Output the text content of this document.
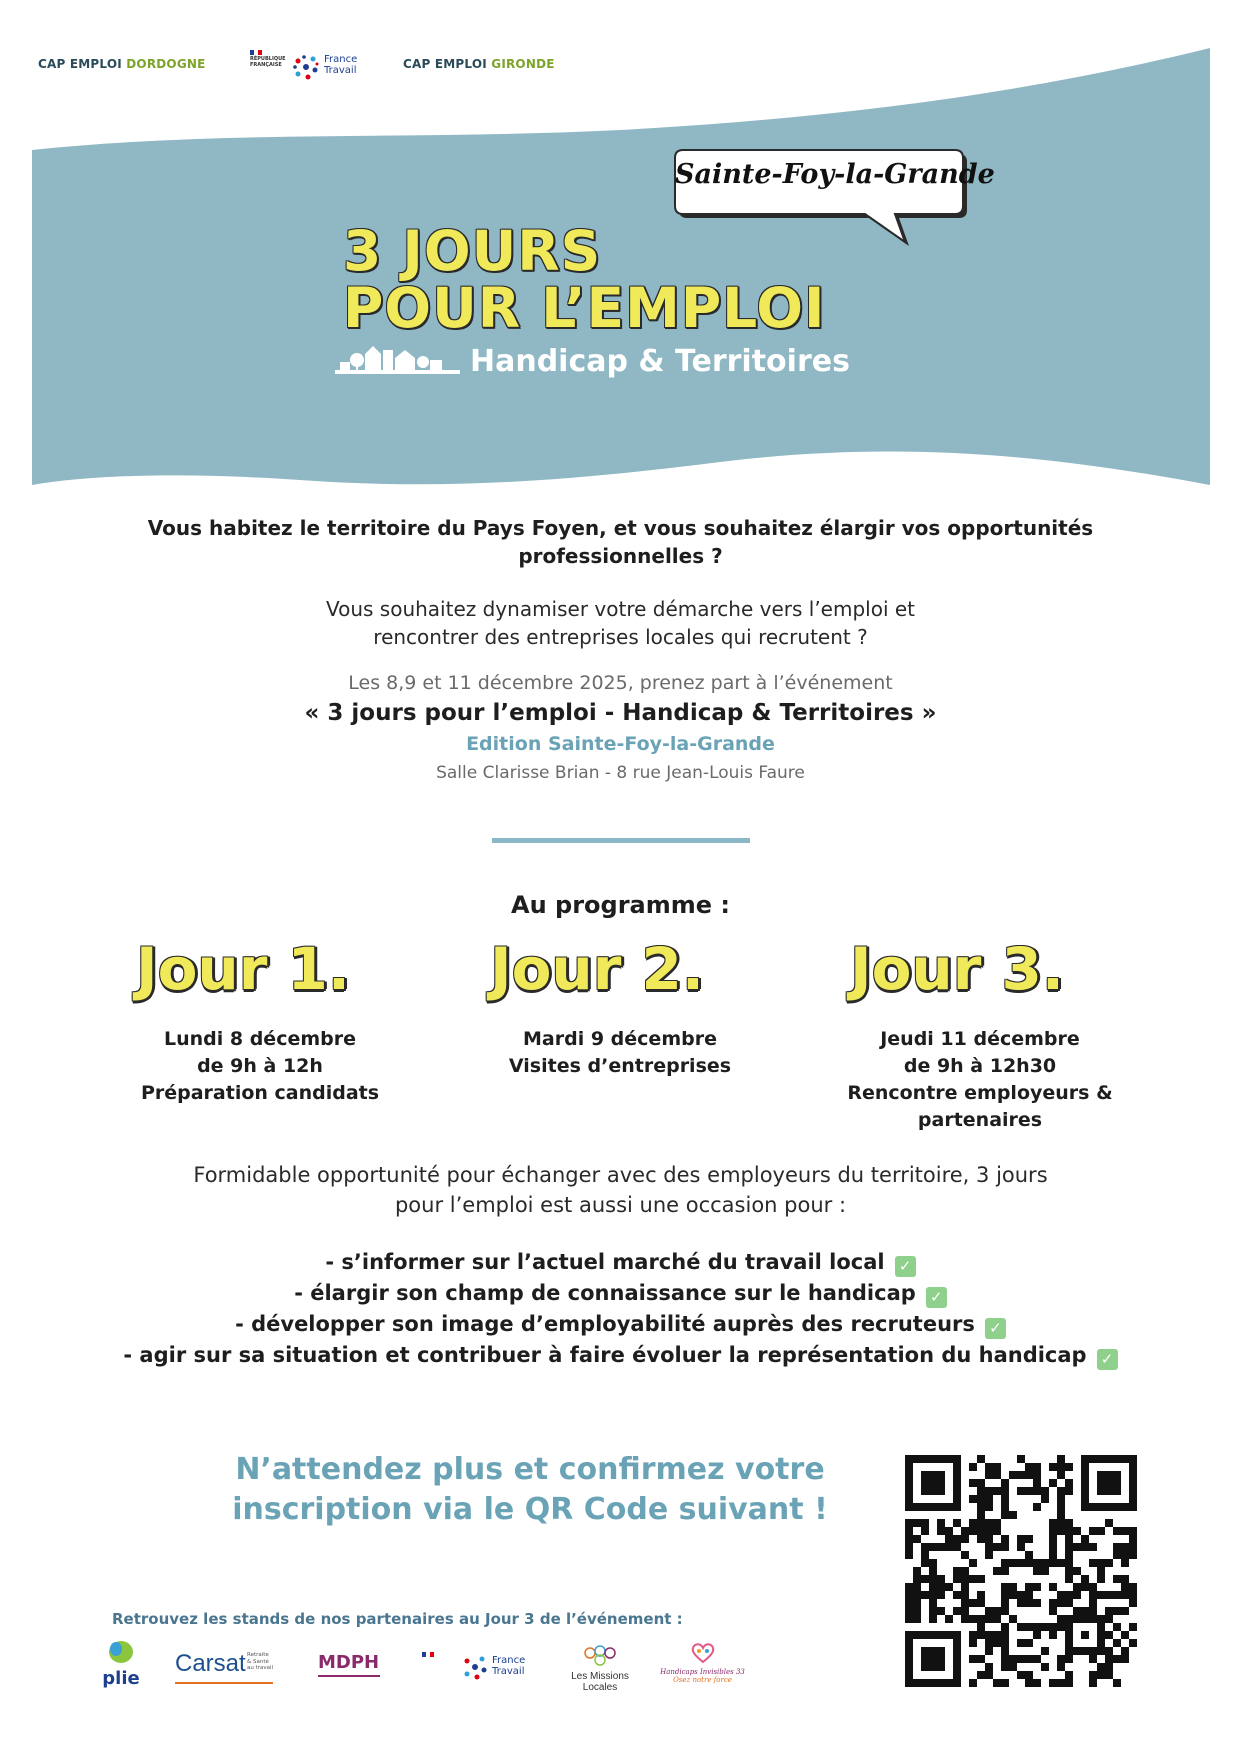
CAP EMPLOI DORDOGNE	RÉPUBLIQUE
FRANÇAISE	France
Travail	CAP EMPLOI GIRONDE
Sainte-Foy-la-Grande
3 JOURS
POUR L’EMPLOI
Handicap & Territoires
Vous habitez le territoire du Pays Foyen, et vous souhaitez élargir vos opportunités
professionnelles ?
Vous souhaitez dynamiser votre démarche vers l’emploi et
rencontrer des entreprises locales qui recrutent ?
Les 8,9 et 11 décembre 2025, prenez part à l’événement
« 3 jours pour l’emploi - Handicap & Territoires »
Edition Sainte-Foy-la-Grande
Salle Clarisse Brian - 8 rue Jean-Louis Faure
Au programme :
Jour 1. Jour 2.	Jour 3.
Lundi 8 décembre
de 9h à 12h
Préparation candidats
Mardi 9 décembre
Visites d’entreprises
Jeudi 11 décembre
de 9h à 12h30
Rencontre employeurs &
partenaires
Formidable opportunité pour échanger avec des employeurs du territoire, 3 jours
pour l’emploi est aussi une occasion pour :
- s’informer sur l’actuel marché du travail local ✓
- élargir son champ de connaissance sur le handicap ✓
- développer son image d’employabilité auprès des recruteurs ✓
- agir sur sa situation et contribuer à faire évoluer la représentation du handicap ✓
N’attendez plus et confirmez votre
inscription via le QR Code suivant !
Retrouvez les stands de nos partenaires au Jour 3 de l’événement :
plie
Carsat Retraite
& Santé
au travail MDPH	France
Travail	Les Missions Locales
Handicaps Invisibles 33
Osez notre force
